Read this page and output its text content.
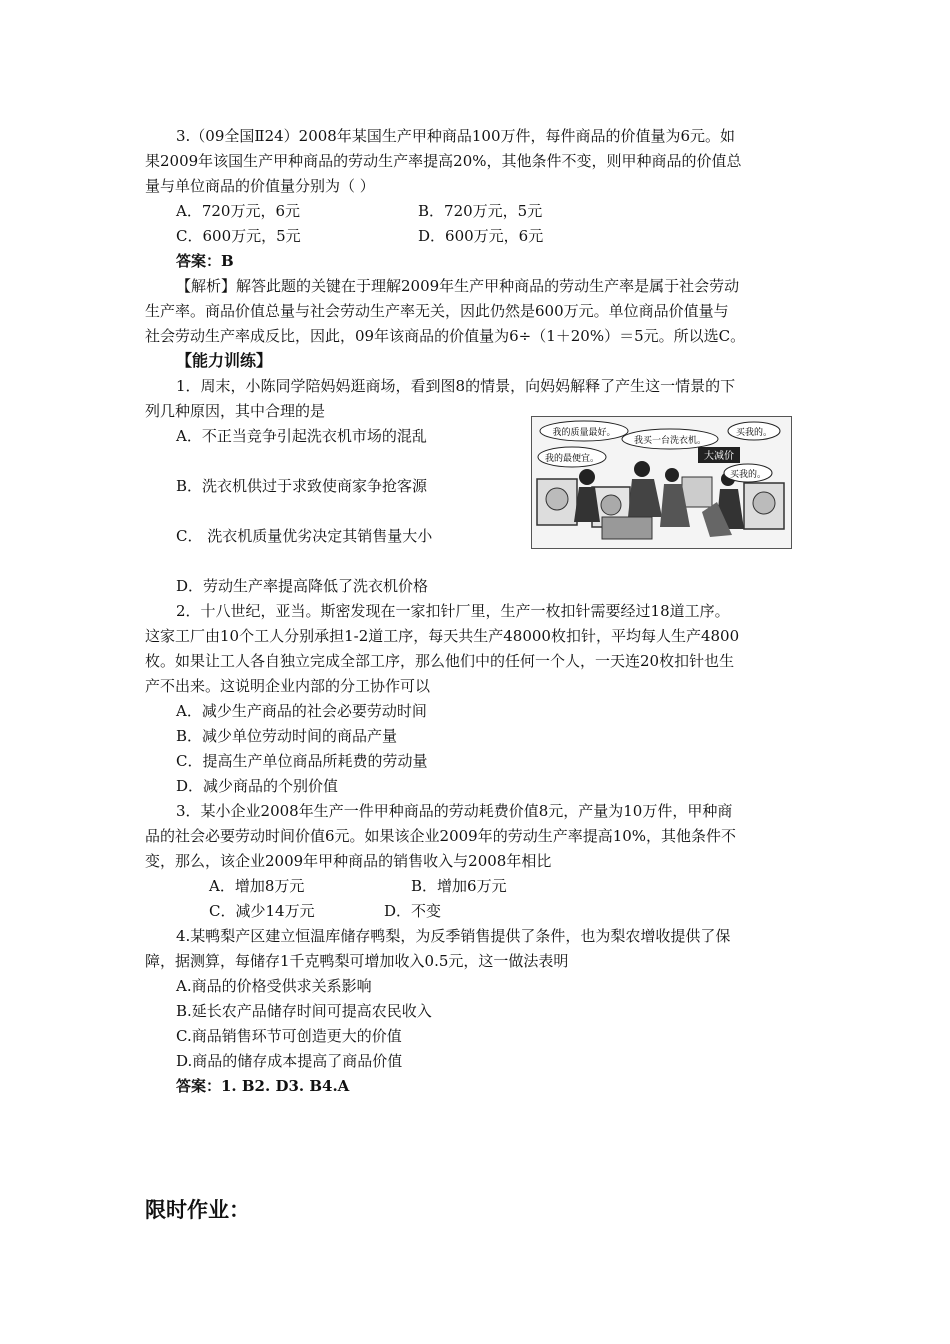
3.（09全国Ⅱ24）2008年某国生产甲种商品100万件，每件商品的价值量为6元。如
果2009年该国生产甲种商品的劳动生产率提高20%，其他条件不变，则甲种商品的价值总
量与单位商品的价值量分别为（ ）
A．720万元，6元	B．720万元，5元
C．600万元，5元	D．600万元，6元
答案：B
【解析】解答此题的关键在于理解2009年生产甲种商品的劳动生产率是属于社会劳动
生产率。商品价值总量与社会劳动生产率无关，因此仍然是600万元。单位商品价值量与
社会劳动生产率成反比，因此，09年该商品的价值量为6÷（1＋20%）＝5元。所以选C。
【能力训练】
1．周末，小陈同学陪妈妈逛商场，看到图8的情景，向妈妈解释了产生这一情景的下
列几种原因，其中合理的是
A．不正当竞争引起洗衣机市场的混乱
B．洗衣机供过于求致使商家争抢客源
C． 洗衣机质量优劣决定其销售量大小
D．劳动生产率提高降低了洗衣机价格
我的质量最好。
我买一台洗衣机。
买我的。
我的最便宜。
买我的。
大减价
2．十八世纪，亚当。斯密发现在一家扣针厂里，生产一枚扣针需要经过18道工序。
这家工厂由10个工人分别承担1-2道工序，每天共生产48000枚扣针，平均每人生产4800
枚。如果让工人各自独立完成全部工序，那么他们中的任何一个人，一天连20枚扣针也生
产不出来。这说明企业内部的分工协作可以
A．减少生产商品的社会必要劳动时间
B．减少单位劳动时间的商品产量
C．提高生产单位商品所耗费的劳动量
D．减少商品的个别价值
3．某小企业2008年生产一件甲种商品的劳动耗费价值8元，产量为10万件，甲种商
品的社会必要劳动时间价值6元。如果该企业2009年的劳动生产率提高10%，其他条件不
变，那么，该企业2009年甲种商品的销售收入与2008年相比
A．增加8万元	B．增加6万元
C．减少14万元	D．不变
4.某鸭梨产区建立恒温库储存鸭梨，为反季销售提供了条件，也为梨农增收提供了保
障，据测算，每储存1千克鸭梨可增加收入0.5元，这一做法表明
A.商品的价格受供求关系影响
B.延长农产品储存时间可提高农民收入
C.商品销售环节可创造更大的价值
D.商品的储存成本提高了商品价值
答案：1. B2. D3. B4.A
限时作业：
